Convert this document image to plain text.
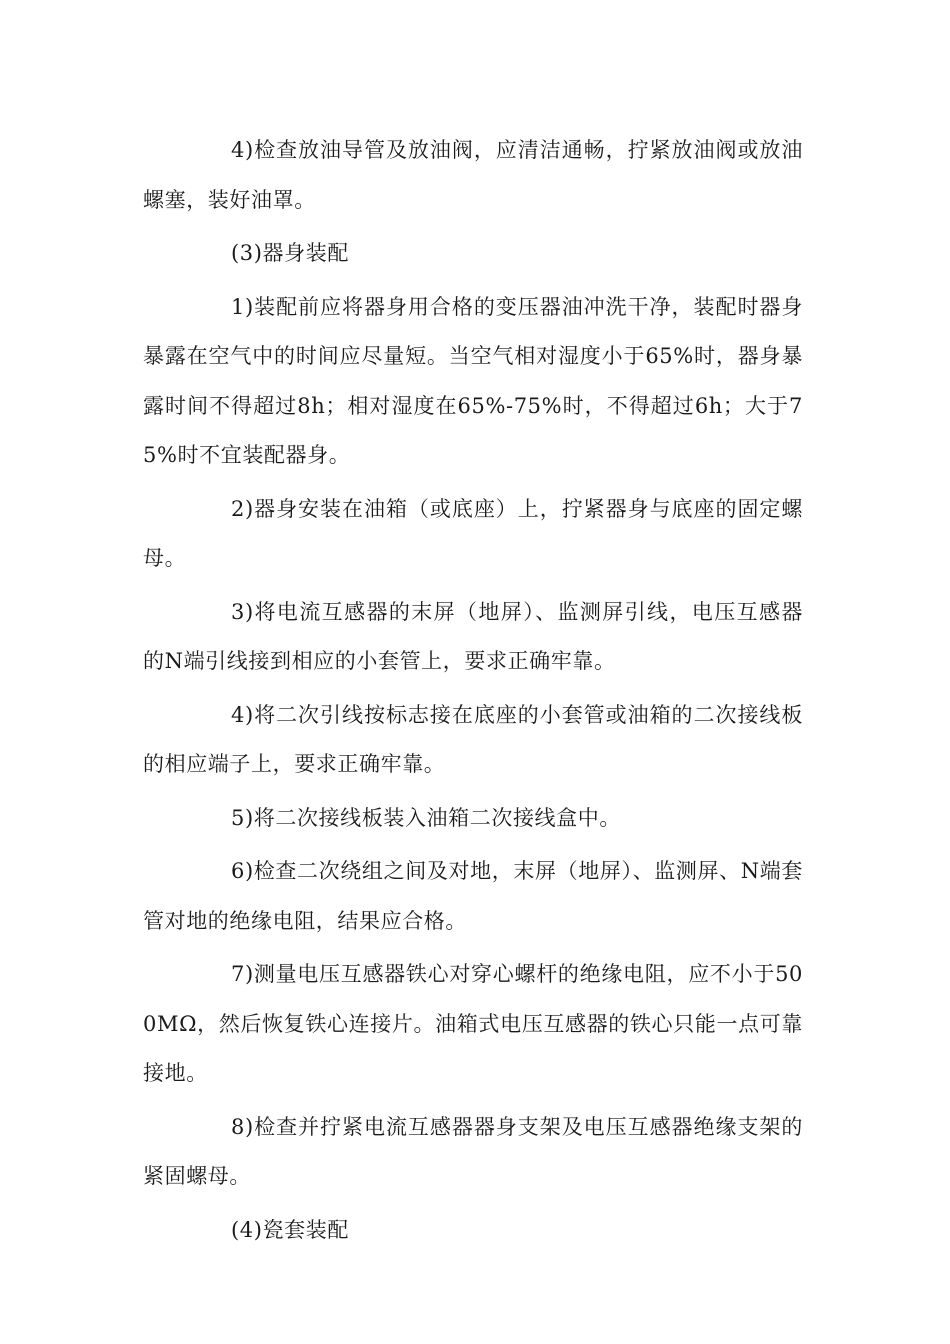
4)检查放油导管及放油阀，应清洁通畅，拧紧放油阀或放油螺塞，装好油罩。

(3)器身装配

1)装配前应将器身用合格的变压器油冲洗干净，装配时器身暴露在空气中的时间应尽量短。当空气相对湿度小于65%时，器身暴露时间不得超过8h；相对湿度在65%-75%时，不得超过6h；大于75%时不宜装配器身。

2)器身安装在油箱（或底座）上，拧紧器身与底座的固定螺母。

3)将电流互感器的末屏（地屏）、监测屏引线，电压互感器的N端引线接到相应的小套管上，要求正确牢靠。

4)将二次引线按标志接在底座的小套管或油箱的二次接线板的相应端子上，要求正确牢靠。

5)将二次接线板装入油箱二次接线盒中。

6)检查二次绕组之间及对地，末屏（地屏）、监测屏、N端套管对地的绝缘电阻，结果应合格。

7)测量电压互感器铁心对穿心螺杆的绝缘电阻，应不小于500MΩ，然后恢复铁心连接片。油箱式电压互感器的铁心只能一点可靠接地。

8)检查并拧紧电流互感器器身支架及电压互感器绝缘支架的紧固螺母。

(4)瓷套装配
